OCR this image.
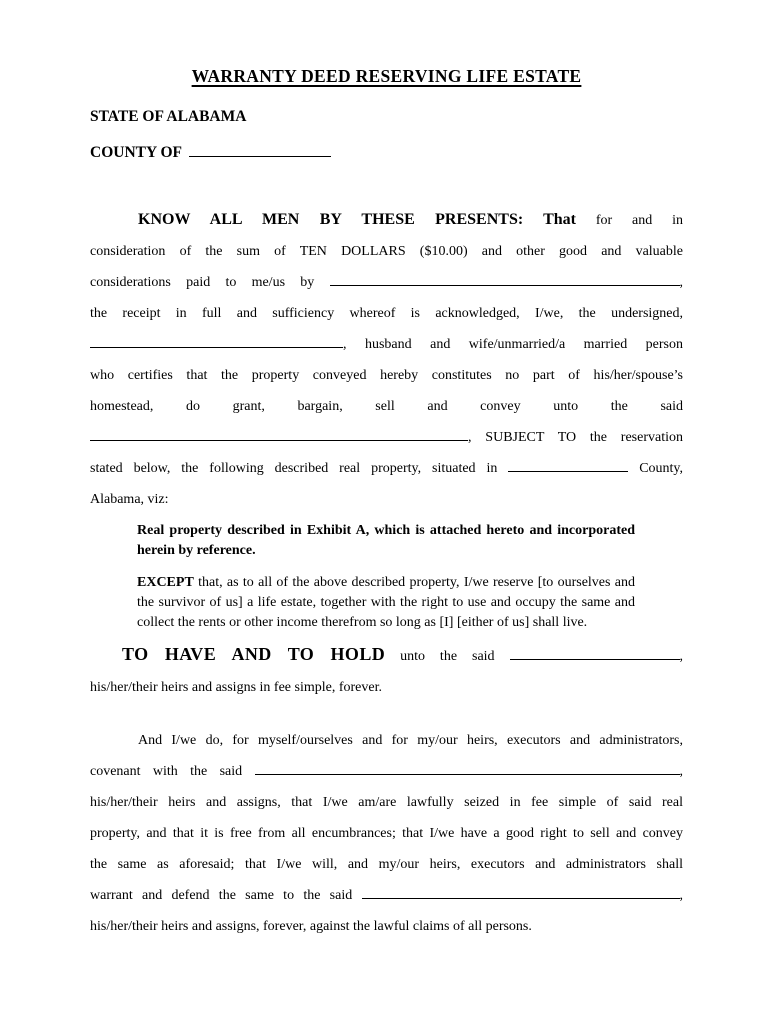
WARRANTY DEED RESERVING LIFE ESTATE
STATE OF ALABAMA
COUNTY OF
KNOW ALL MEN BY THESE PRESENTS: That for and in
consideration of the sum of TEN DOLLARS ($10.00) and other good and valuable
considerations paid to me/us by	,
the receipt in full and sufficiency whereof is acknowledged, I/we, the undersigned,
, husband and wife/unmarried/a married person
who certifies that the property conveyed hereby constitutes no part of his/her/spouse’s
homestead, do grant, bargain, sell and convey unto the said
, SUBJECT TO the reservation
stated below, the following described real property, situated in	County,
Alabama, viz:
Real property described in Exhibit A, which is attached hereto and incorporated herein by reference.
EXCEPT that, as to all of the above described property, I/we reserve [to ourselves and the survivor of us] a life estate, together with the right to use and occupy the same and collect the rents or other income therefrom so long as [I] [either of us] shall live.
TO HAVE AND TO HOLD unto the said	,
his/her/their heirs and assigns in fee simple, forever.
And I/we do, for myself/ourselves and for my/our heirs, executors and administrators,
covenant with the said	,
his/her/their heirs and assigns, that I/we am/are lawfully seized in fee simple of said real
property, and that it is free from all encumbrances; that I/we have a good right to sell and convey
the same as aforesaid; that I/we will, and my/our heirs, executors and administrators shall
warrant and defend the same to the said	,
his/her/their heirs and assigns, forever, against the lawful claims of all persons.
